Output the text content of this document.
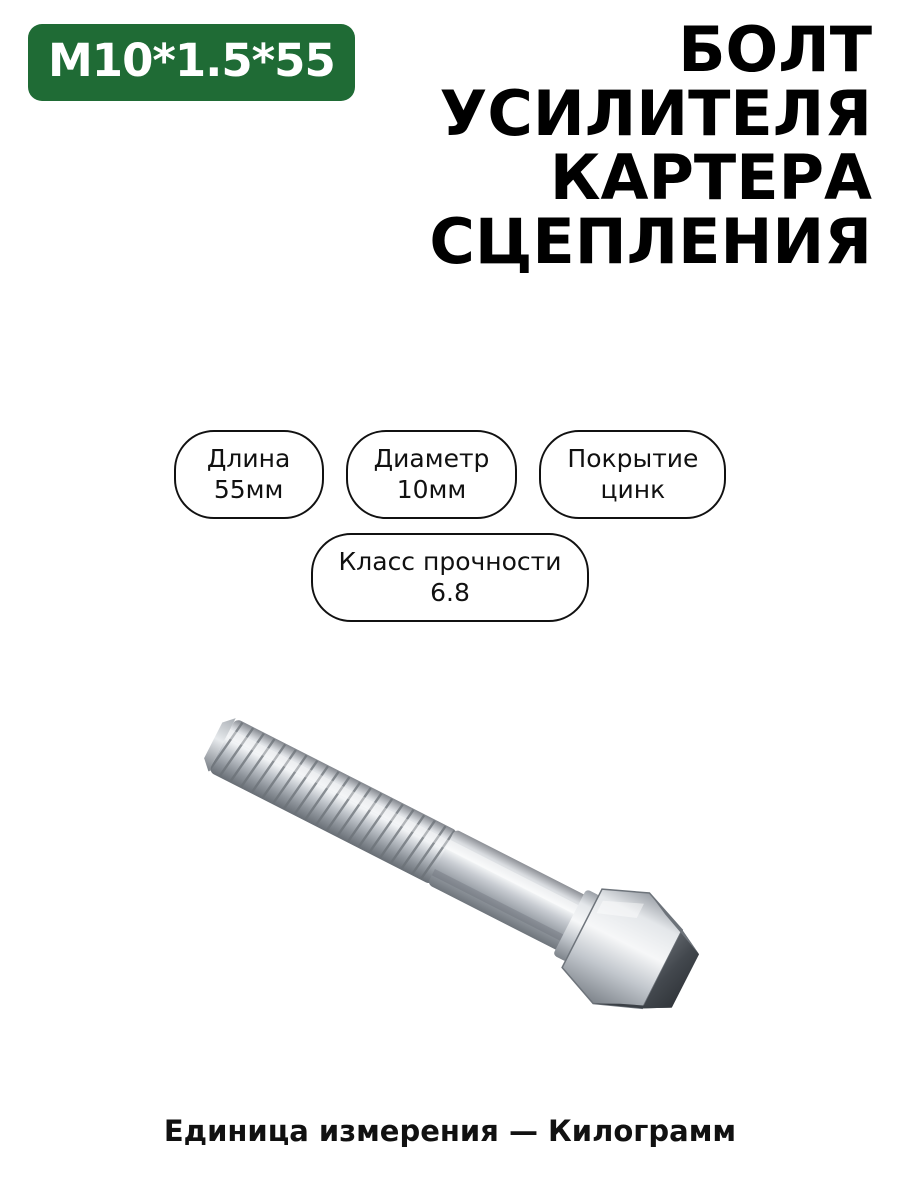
M10*1.5*55	БОЛТ
УСИЛИТЕЛЯ
КАРТЕРА
СЦЕПЛЕНИЯ
Длина
55мм
Диаметр
10мм
Покрытие
цинк
Класс прочности
6.8
Единица измерения — Килограмм
